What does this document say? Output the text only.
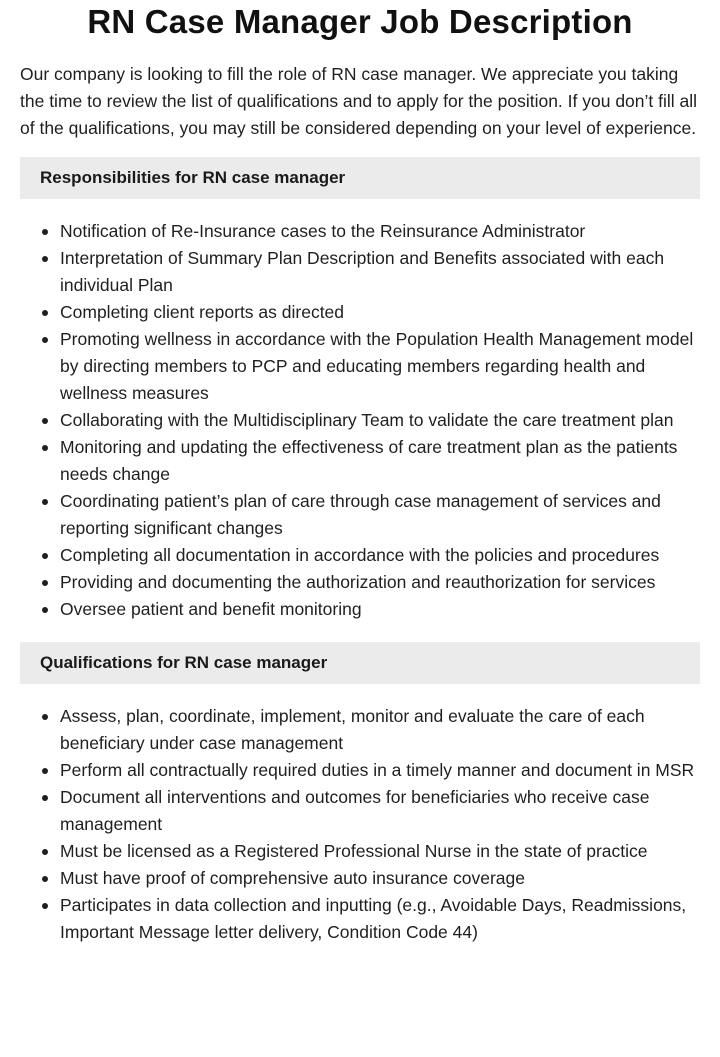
RN Case Manager Job Description

Our company is looking to fill the role of RN case manager. We appreciate you taking the time to review the list of qualifications and to apply for the position. If you don’t fill all of the qualifications, you may still be considered depending on your level of experience.

Responsibilities for RN case manager
Notification of Re-Insurance cases to the Reinsurance Administrator
Interpretation of Summary Plan Description and Benefits associated with each individual Plan
Completing client reports as directed
Promoting wellness in accordance with the Population Health Management model by directing members to PCP and educating members regarding health and wellness measures
Collaborating with the Multidisciplinary Team to validate the care treatment plan
Monitoring and updating the effectiveness of care treatment plan as the patients needs change
Coordinating patient’s plan of care through case management of services and reporting significant changes
Completing all documentation in accordance with the policies and procedures
Providing and documenting the authorization and reauthorization for services
Oversee patient and benefit monitoring
Qualifications for RN case manager
Assess, plan, coordinate, implement, monitor and evaluate the care of each beneficiary under case management
Perform all contractually required duties in a timely manner and document in MSR
Document all interventions and outcomes for beneficiaries who receive case management
Must be licensed as a Registered Professional Nurse in the state of practice
Must have proof of comprehensive auto insurance coverage
Participates in data collection and inputting (e.g., Avoidable Days, Readmissions, Important Message letter delivery, Condition Code 44)
